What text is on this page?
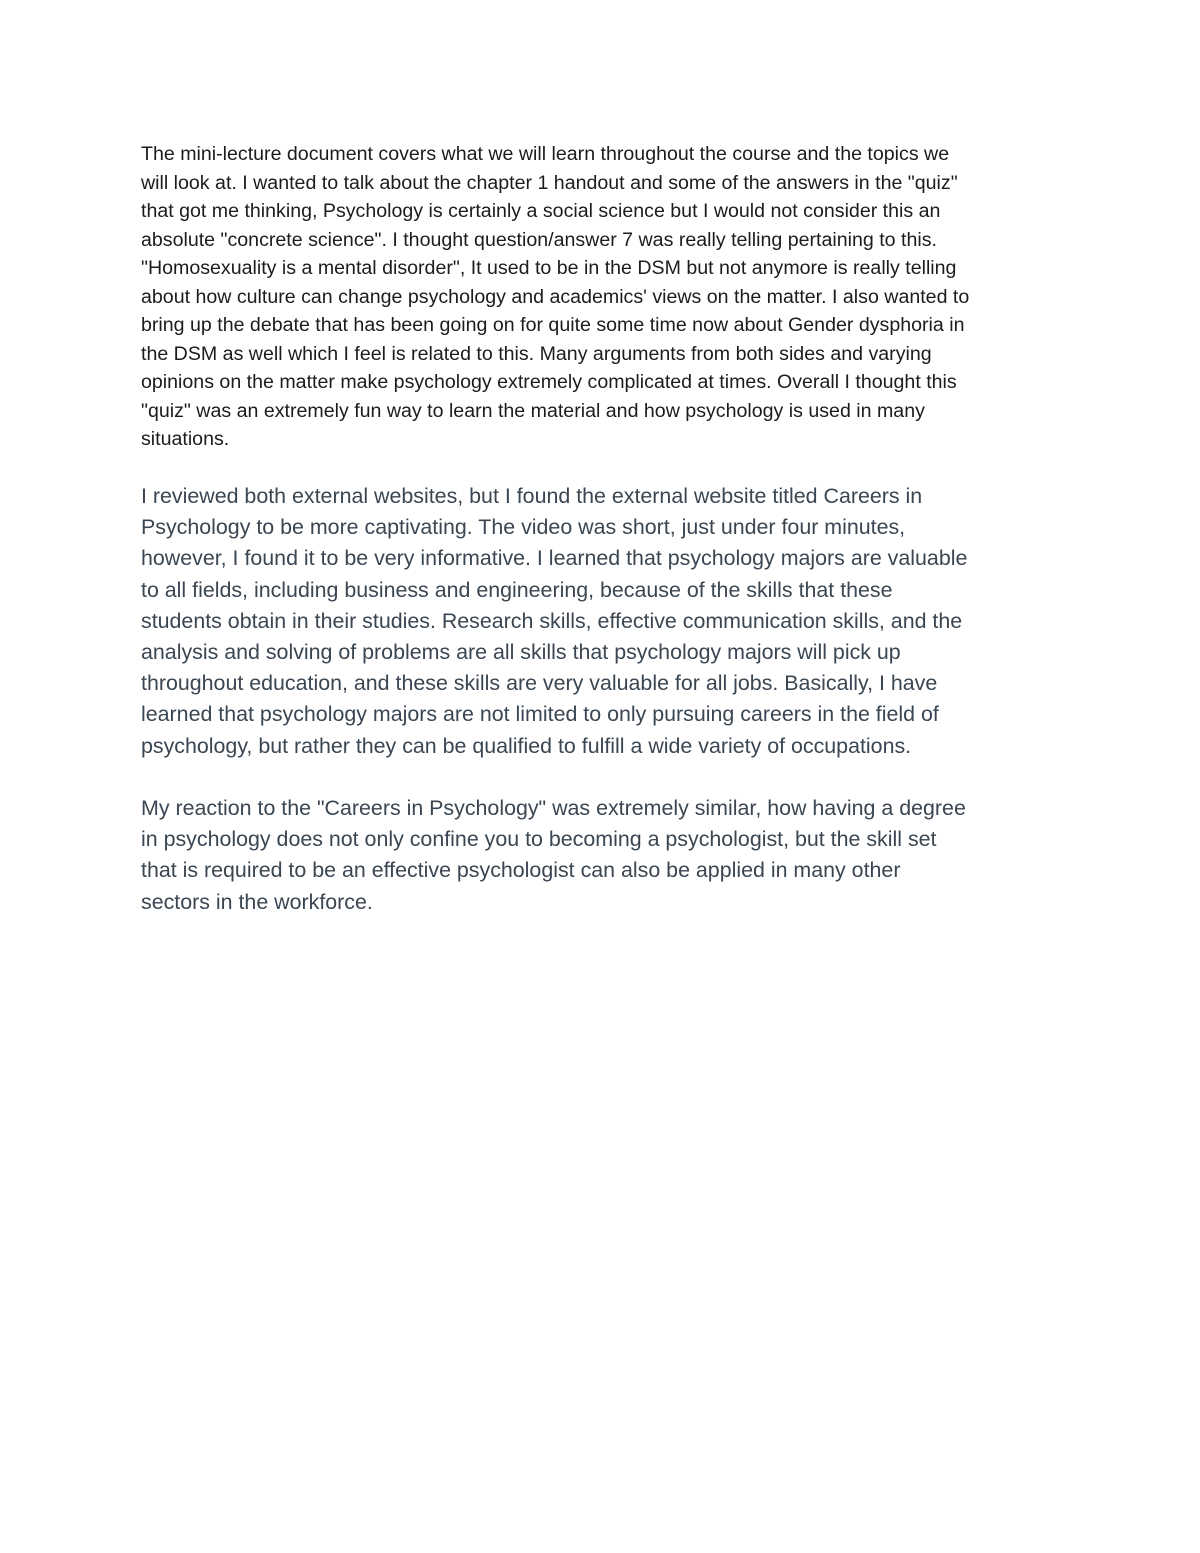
The mini-lecture document covers what we will learn throughout the course and the topics we
will look at. I wanted to talk about the chapter 1 handout and some of the answers in the "quiz"
that got me thinking, Psychology is certainly a social science but I would not consider this an
absolute "concrete science". I thought question/answer 7 was really telling pertaining to this.
"Homosexuality is a mental disorder", It used to be in the DSM but not anymore is really telling
about how culture can change psychology and academics' views on the matter. I also wanted to
bring up the debate that has been going on for quite some time now about Gender dysphoria in
the DSM as well which I feel is related to this. Many arguments from both sides and varying
opinions on the matter make psychology extremely complicated at times. Overall I thought this
"quiz" was an extremely fun way to learn the material and how psychology is used in many
situations.

I reviewed both external websites, but I found the external website titled Careers in
Psychology to be more captivating. The video was short, just under four minutes,
however, I found it to be very informative. I learned that psychology majors are valuable
to all fields, including business and engineering, because of the skills that these
students obtain in their studies. Research skills, effective communication skills, and the
analysis and solving of problems are all skills that psychology majors will pick up
throughout education, and these skills are very valuable for all jobs. Basically, I have
learned that psychology majors are not limited to only pursuing careers in the field of
psychology, but rather they can be qualified to fulfill a wide variety of occupations.

My reaction to the "Careers in Psychology" was extremely similar, how having a degree
in psychology does not only confine you to becoming a psychologist, but the skill set
that is required to be an effective psychologist can also be applied in many other
sectors in the workforce.
